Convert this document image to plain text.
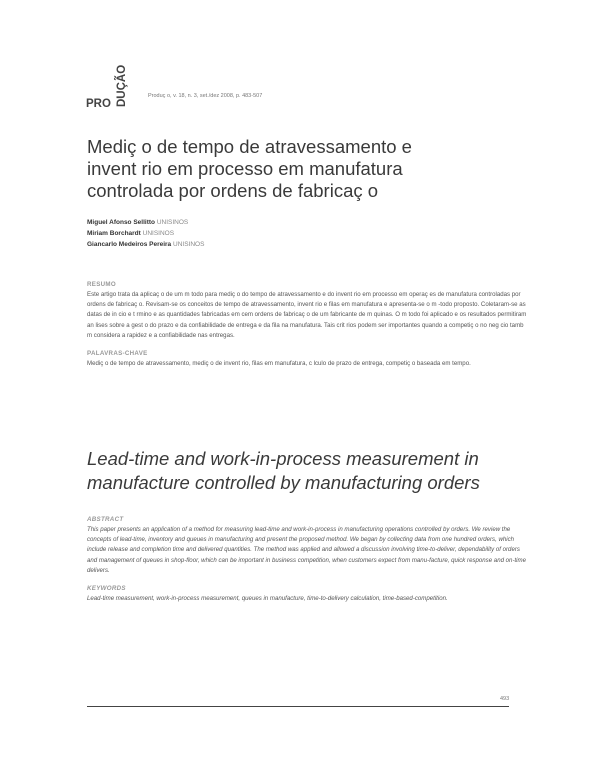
DUÇÃO
PRO
Produç o, v. 18, n. 3, set./dez 2008, p. 483-507
Mediç o de tempo de atravessamento e invent rio em processo em manufatura controlada por ordens de fabricaç o
Miguel Afonso Sellitto UNISINOS
Miriam Borchardt UNISINOS
Giancarlo Medeiros Pereira UNISINOS
RESUMO

Este artigo trata da aplicaç o de um m todo para mediç o do tempo de atravessamento e do invent rio em processo em operaç es de manufatura controladas por ordens de fabricaç o. Revisam-se os conceitos de tempo de atravessamento, invent rio e filas em manufatura e apresenta-se o m -todo proposto. Coletaram-se as datas de in cio e t rmino e as quantidades fabricadas em cem ordens de fabricaç o de um fabricante de m quinas. O m todo foi aplicado e os resultados permitiram an lises sobre a gest o do prazo e da confiabilidade de entrega e da fila na manufatura. Tais crit rios podem ser importantes quando a competiç o no neg cio tamb m considera a rapidez e a confiabilidade nas entregas.

PALAVRAS-CHAVE

Mediç o de tempo de atravessamento, mediç o de invent rio, filas em manufatura, c lculo de prazo de entrega, competiç o baseada em tempo.

Lead-time and work-in-process measurement in manufacture controlled by manufacturing orders
ABSTRACT

This paper presents an application of a method for measuring lead-time and work-in-process in manufacturing operations controlled by orders. We review the concepts of lead-time, inventory and queues in manufacturing and present the proposed method. We began by collecting data from one hundred orders, which include release and completion time and delivered quantities. The method was applied and allowed a discussion involving time-to-deliver, dependability of orders and management of queues in shop-floor, which can be important in business competition, when customers expect from manu-facture, quick response and on-time delivers.

KEYWORDS

Lead-time measurement, work-in-process measurement, queues in manufacture, time-to-delivery calculation, time-based-competition.

493
